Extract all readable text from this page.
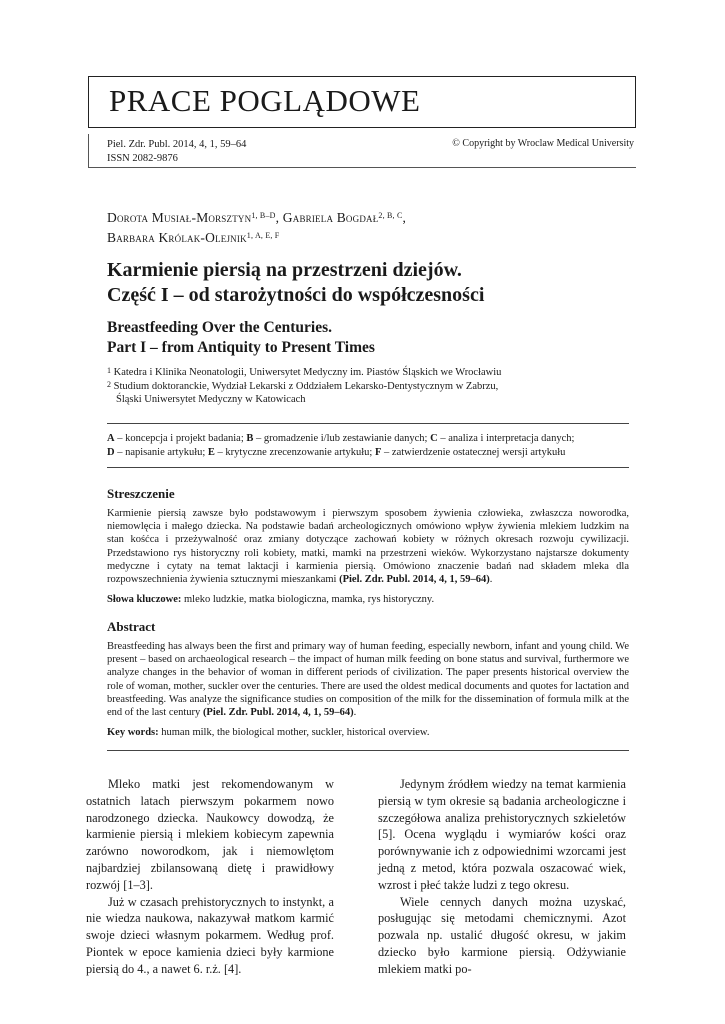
PRACE POGLĄDOWE
Piel. Zdr. Publ. 2014, 4, 1, 59–64
ISSN 2082-9876
© Copyright by Wroclaw Medical University
Dorota Musiał-Morsztyn$^{1, B-D}$, Gabriela Bogdał$^{2, B, C}$,
Barbara Królak-Olejnik$^{1, A, E, F}$
Karmienie piersią na przestrzeni dziejów.
Część I – od starożytności do współczesności
Breastfeeding Over the Centuries.
Part I – from Antiquity to Present Times
$^1$ Katedra i Klinika Neonatologii, Uniwersytet Medyczny im. Piastów Śląskich we Wrocławiu
$^2$ Studium doktoranckie, Wydział Lekarski z Oddziałem Lekarsko-Dentystycznym w Zabrzu,
Śląski Uniwersytet Medyczny w Katowicach
A – koncepcja i projekt badania; B – gromadzenie i/lub zestawianie danych; C – analiza i interpretacja danych;
D – napisanie artykułu; E – krytyczne zrecenzowanie artykułu; F – zatwierdzenie ostatecznej wersji artykułu
Streszczenie
Karmienie piersią zawsze było podstawowym i pierwszym sposobem żywienia człowieka, zwłaszcza noworodka, niemowlęcia i małego dziecka. Na podstawie badań archeologicznych omówiono wpływ żywienia mlekiem ludzkim na stan kośćca i przeżywalność oraz zmiany dotyczące zachowań kobiety w różnych okresach rozwoju cywilizacji. Przedstawiono rys historyczny roli kobiety, matki, mamki na przestrzeni wieków. Wykorzystano najstarsze dokumenty medyczne i cytaty na temat laktacji i karmienia piersią. Omówiono znaczenie badań nad składem mleka dla rozpowszechnienia żywienia sztucznymi mieszankami (Piel. Zdr. Publ. 2014, 4, 1, 59–64).
Słowa kluczowe: mleko ludzkie, matka biologiczna, mamka, rys historyczny.
Abstract
Breastfeeding has always been the first and primary way of human feeding, especially newborn, infant and young child. We present – based on archaeological research – the impact of human milk feeding on bone status and survival, furthermore we analyze changes in the behavior of woman in different periods of civilization. The paper presents historical overview the role of woman, mother, suckler over the centuries. There are used the oldest medical documents and quotes for lactation and breastfeeding. Was analyze the significance studies on composition of the milk for the dissemination of formula milk at the end of the last century (Piel. Zdr. Publ. 2014, 4, 1, 59–64).
Key words: human milk, the biological mother, suckler, historical overview.

Mleko matki jest rekomendowanym w ostatnich latach pierwszym pokarmem nowo narodzonego dziecka. Naukowcy dowodzą, że karmienie piersią i mlekiem kobiecym zapewnia zarówno noworodkom, jak i niemowlętom najbardziej zbilansowaną dietę i prawidłowy rozwój [1–3].

Już w czasach prehistorycznych to instynkt, a nie wiedza naukowa, nakazywał matkom karmić swoje dzieci własnym pokarmem. Według prof. Piontek w epoce kamienia dzieci były karmione piersią do 4., a nawet 6. r.ż. [4].

Jedynym źródłem wiedzy na temat karmienia piersią w tym okresie są badania archeologiczne i szczegółowa analiza prehistorycznych szkieletów [5]. Ocena wyglądu i wymiarów kości oraz porównywanie ich z odpowiednimi wzorcami jest jedną z metod, która pozwala oszacować wiek, wzrost i płeć także ludzi z tego okresu.

Wiele cennych danych można uzyskać, posługując się metodami chemicznymi. Azot pozwala np. ustalić długość okresu, w jakim dziecko było karmione piersią. Odżywianie mlekiem matki po-
